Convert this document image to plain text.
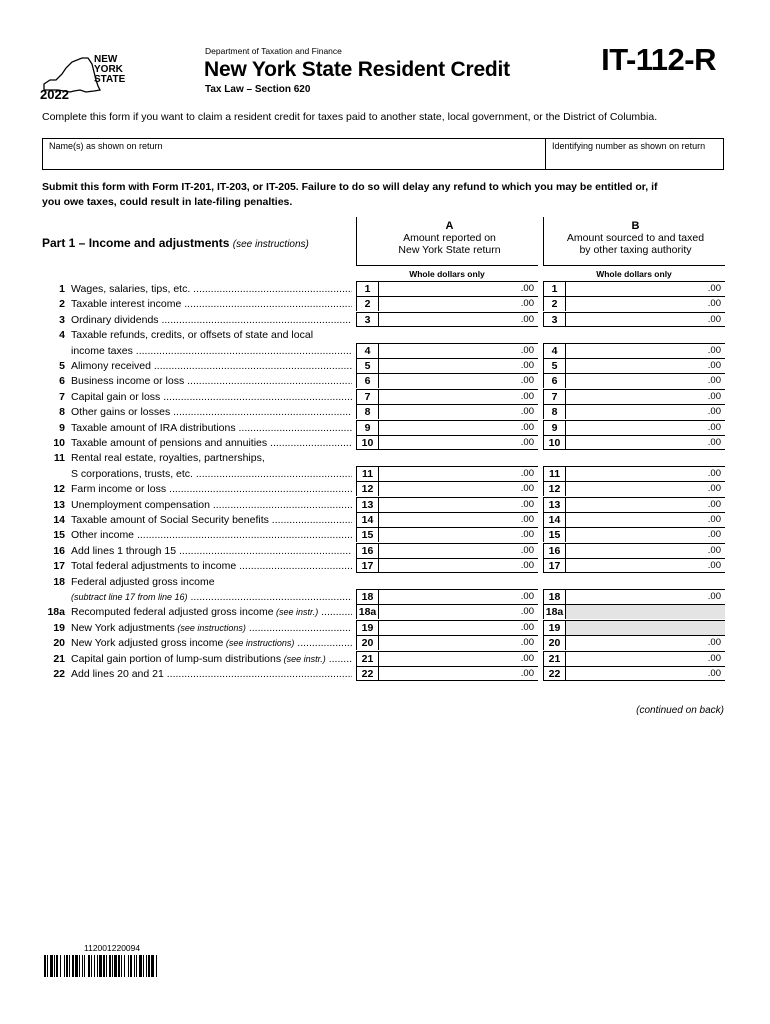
NEW
YORK
STATE
2022
Department of Taxation and Finance
New York State Resident Credit
Tax Law – Section 620
IT-112-R
Complete this form if you want to claim a resident credit for taxes paid to another state, local government, or the District of Columbia.
Name(s) as shown on return	Identifying number as shown on return
Submit this form with Form IT-201, IT-203, or IT-205. Failure to do so will delay any refund to which you may be entitled or, if
you owe taxes, could result in late-filing penalties.
Part 1 – Income and adjustments (see instructions)
A
Amount reported on
New York State return
B
Amount sourced to and taxed
by other taxing authority
Whole dollars only	Whole dollars only
1 Wages, salaries, tips, etc. .....	1	.00	1	.00
2 Taxable interest income .....	2	.00	2	.00
3 Ordinary dividends .....	3	.00	3	.00
4 Taxable refunds, credits, or offsets of state and local
income taxes .....	4	.00	4	.00
5 Alimony received .....	5	.00	5	.00
6 Business income or loss .....	6	.00	6	.00
7 Capital gain or loss .....	7	.00	7	.00
8 Other gains or losses .....	8	.00	8	.00
9 Taxable amount of IRA distributions .....	9	.00	9	.00
10 Taxable amount of pensions and annuities .....	10	.00	10	.00
11 Rental real estate, royalties, partnerships,
S corporations, trusts, etc. .....	11	.00	11	.00
12 Farm income or loss .....	12	.00	12	.00
13 Unemployment compensation .....	13	.00	13	.00
14 Taxable amount of Social Security benefits .....	14	.00	14	.00
15 Other income .....	15	.00	15	.00
16 Add lines 1 through 15 .....	16	.00	16	.00
17 Total federal adjustments to income .....	17	.00	17	.00
18 Federal adjusted gross income
(subtract line 17 from line 16) .....	18	.00	18	.00
18a Recomputed federal adjusted gross income (see instr.) .....	18a	.00 18a
19 New York adjustments (see instructions) .....	19	.00	19
20 New York adjusted gross income (see instructions) .....	20	.00	20	.00
21 Capital gain portion of lump-sum distributions (see instr.) .....	21	.00	21	.00
22 Add lines 20 and 21 .....	22	.00	22	.00
(continued on back)
112001220094
